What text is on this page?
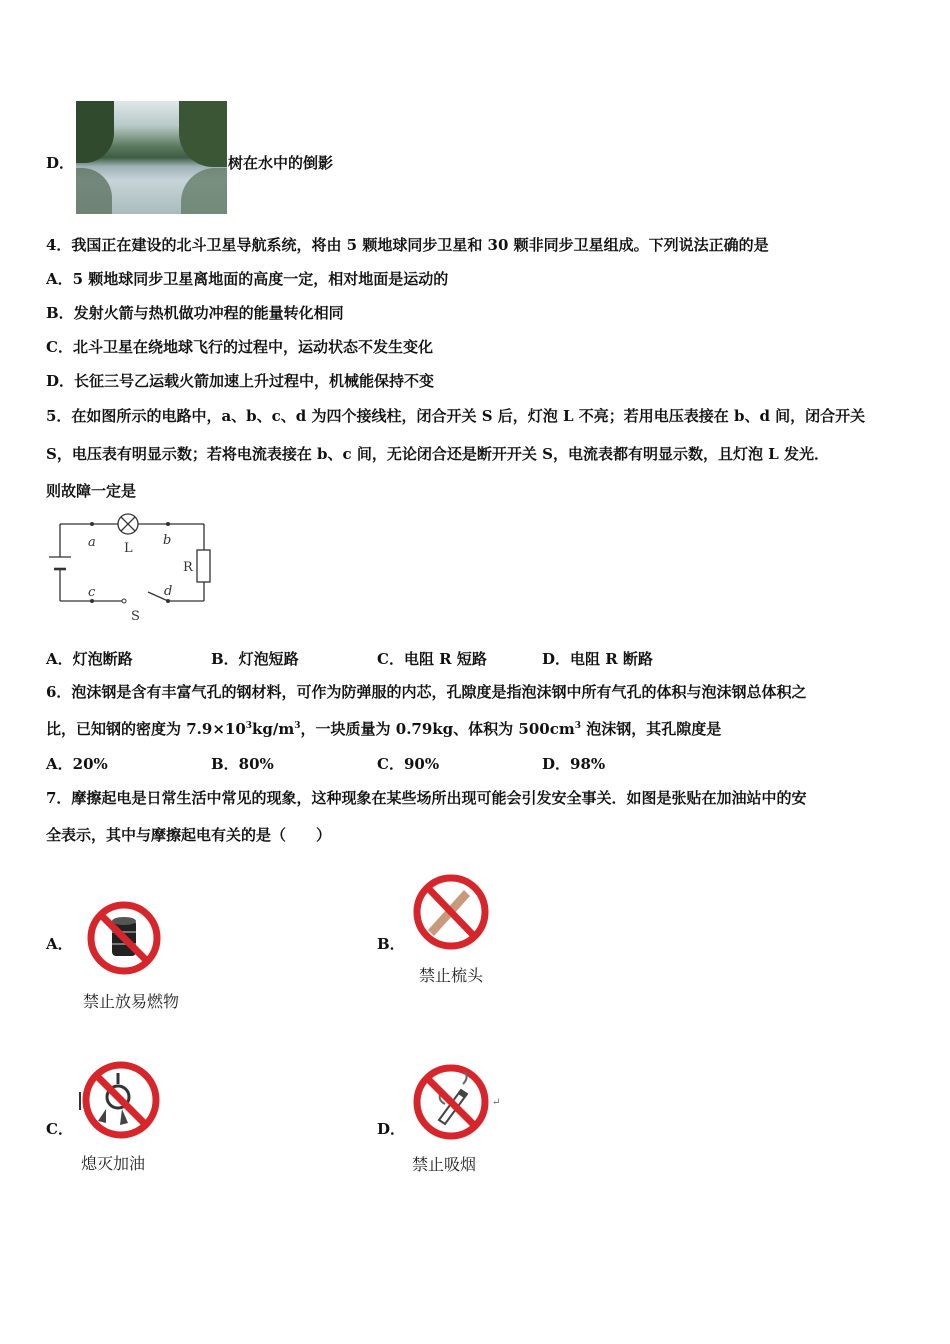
D．	树在水中的倒影
4．我国正在建设的北斗卫星导航系统，将由 5 颗地球同步卫星和 30 颗非同步卫星组成。下列说法正确的是
A．5 颗地球同步卫星离地面的高度一定，相对地面是运动的
B．发射火箭与热机做功冲程的能量转化相同
C．北斗卫星在绕地球飞行的过程中，运动状态不发生变化
D．长征三号乙运载火箭加速上升过程中，机械能保持不变
5．在如图所示的电路中，a、b、c、d 为四个接线柱，闭合开关 S 后，灯泡 L 不亮；若用电压表接在 b、d 间，闭合开关
S，电压表有明显示数；若将电流表接在 b、c 间，无论闭合还是断开开关 S，电流表都有明显示数，且灯泡 L 发光．
则故障一定是
a	b
c	d
L
R
S
A．灯泡断路	B．灯泡短路	C．电阻 R 短路	D．电阻 R 断路
6．泡沫钢是含有丰富气孔的钢材料，可作为防弹服的内芯，孔隙度是指泡沫钢中所有气孔的体积与泡沫钢总体积之
比，已知钢的密度为 $7.9\times 10^3kg/m^3$，一块质量为 0.79kg、体积为 $500cm^3$ 泡沫钢，其孔隙度是
A．20%	B．80%	C．90%	D．98%
7．摩擦起电是日常生活中常见的现象，这种现象在某些场所出现可能会引发安全事关．如图是张贴在加油站中的安
全表示，其中与摩擦起电有关的是（　　）
A．
禁止放易燃物
B．
禁止梳头
C．
熄灭加油
D．
↵
禁止吸烟
